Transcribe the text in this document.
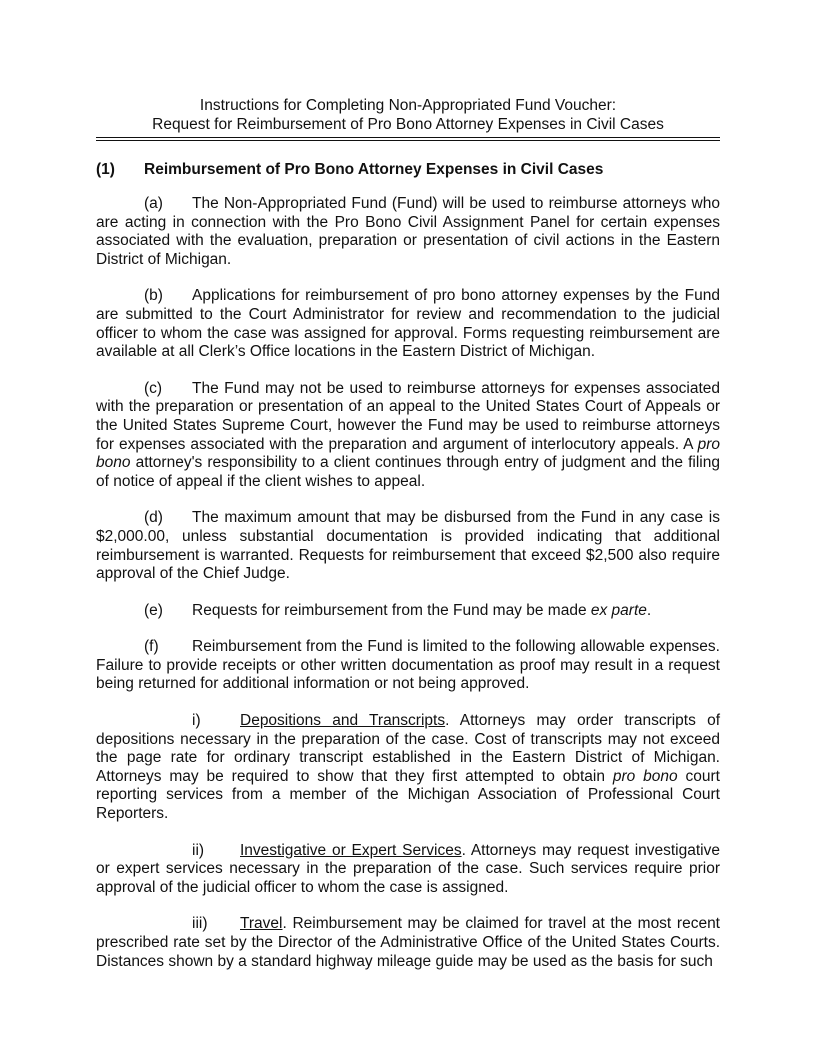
Instructions for Completing Non-Appropriated Fund Voucher:
Request for Reimbursement of Pro Bono Attorney Expenses in Civil Cases
(1) Reimbursement of Pro Bono Attorney Expenses in Civil Cases

(a) The Non-Appropriated Fund (Fund) will be used to reimburse attorneys who are acting in connection with the Pro Bono Civil Assignment Panel for certain expenses associated with the evaluation, preparation or presentation of civil actions in the Eastern District of Michigan.

(b) Applications for reimbursement of pro bono attorney expenses by the Fund are submitted to the Court Administrator for review and recommendation to the judicial officer to whom the case was assigned for approval. Forms requesting reimbursement are available at all Clerk’s Office locations in the Eastern District of Michigan.

(c) The Fund may not be used to reimburse attorneys for expenses associated with the preparation or presentation of an appeal to the United States Court of Appeals or the United States Supreme Court, however the Fund may be used to reimburse attorneys for expenses associated with the preparation and argument of interlocutory appeals. A pro bono attorney's responsibility to a client continues through entry of judgment and the filing of notice of appeal if the client wishes to appeal.

(d) The maximum amount that may be disbursed from the Fund in any case is $2,000.00, unless substantial documentation is provided indicating that additional reimbursement is warranted. Requests for reimbursement that exceed $2,500 also require approval of the Chief Judge.

(e) Requests for reimbursement from the Fund may be made ex parte.

(f) Reimbursement from the Fund is limited to the following allowable expenses. Failure to provide receipts or other written documentation as proof may result in a request being returned for additional information or not being approved.

i)	Depositions and Transcripts. Attorneys may order transcripts of depositions necessary in the preparation of the case. Cost of transcripts may not exceed the page rate for ordinary transcript established in the Eastern District of Michigan. Attorneys may be required to show that they first attempted to obtain pro bono court reporting services from a member of the Michigan Association of Professional Court Reporters.

ii) Investigative or Expert Services. Attorneys may request investigative or expert services necessary in the preparation of the case. Such services require prior approval of the judicial officer to whom the case is assigned.

iii) Travel. Reimbursement may be claimed for travel at the most recent prescribed rate set by the Director of the Administrative Office of the United States Courts. Distances shown by a standard highway mileage guide may be used as the basis for such
